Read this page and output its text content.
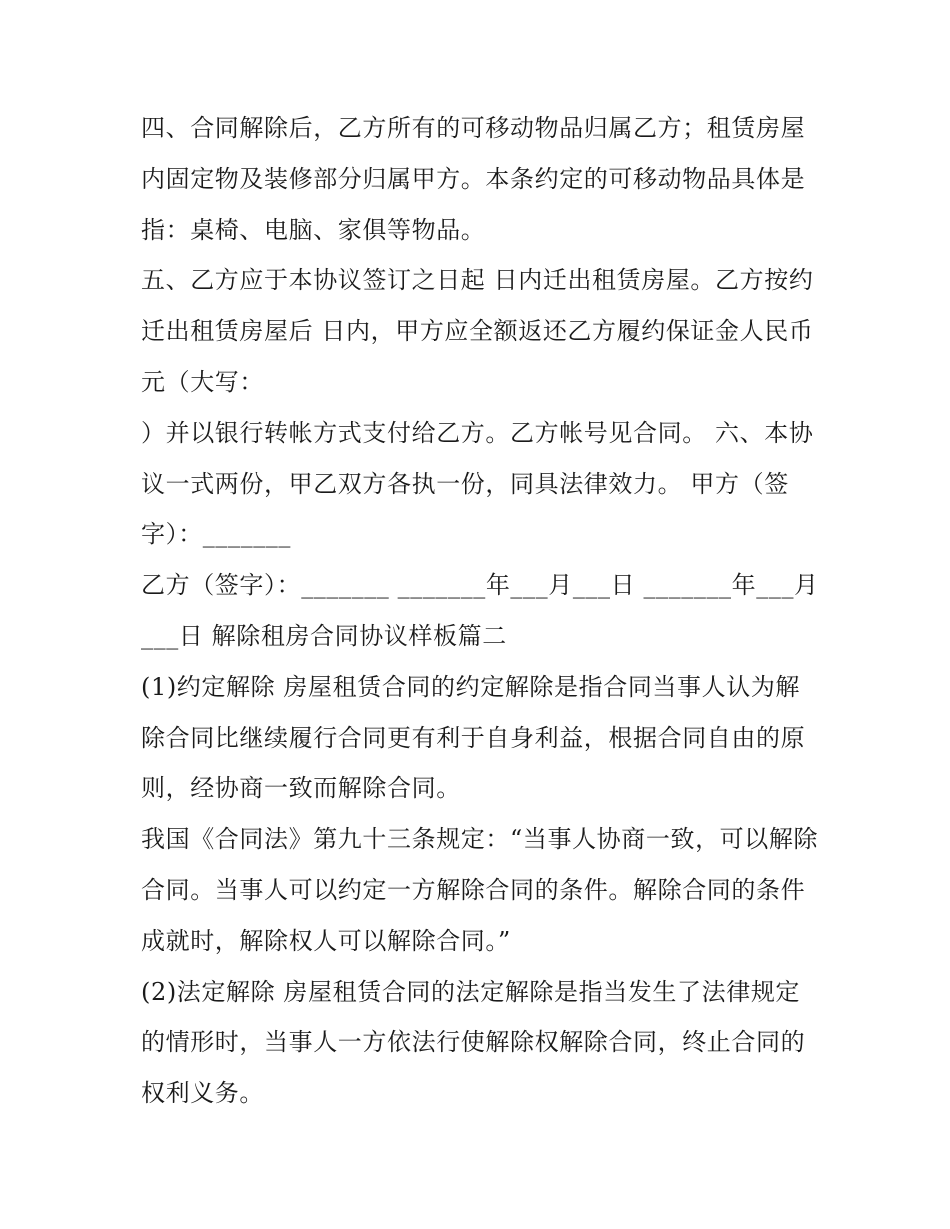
四、合同解除后，乙方所有的可移动物品归属乙方；租赁房屋内固定物及装修部分归属甲方。本条约定的可移动物品具体是指：桌椅、电脑、家俱等物品。

五、乙方应于本协议签订之日起 日内迁出租赁房屋。乙方按约迁出租赁房屋后 日内，甲方应全额返还乙方履约保证金人民币 元（大写：

）并以银行转帐方式支付给乙方。乙方帐号见合同。 六、本协议一式两份，甲乙双方各执一份，同具法律效力。 甲方（签字）：_______

乙方（签字）：_______ _______年___月___日 _______年___月___日 解除租房合同协议样板篇二

(1)约定解除 房屋租赁合同的约定解除是指合同当事人认为解除合同比继续履行合同更有利于自身利益，根据合同自由的原则，经协商一致而解除合同。

我国《合同法》第九十三条规定：“当事人协商一致，可以解除合同。当事人可以约定一方解除合同的条件。解除合同的条件成就时，解除权人可以解除合同。”

(2)法定解除 房屋租赁合同的法定解除是指当发生了法律规定的情形时，当事人一方依法行使解除权解除合同，终止合同的权利义务。
